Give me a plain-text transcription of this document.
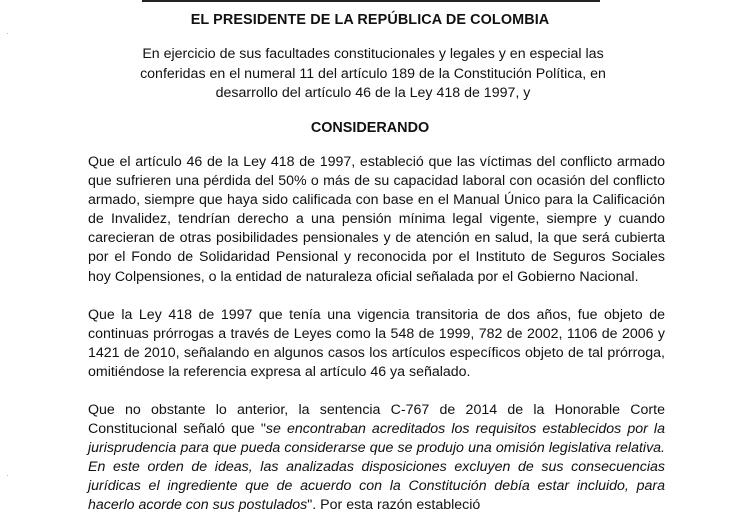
·
·
EL PRESIDENTE DE LA REPÚBLICA DE COLOMBIA
En ejercicio de sus facultades constitucionales y legales y en especial las conferidas en el numeral 11 del artículo 189 de la Constitución Política, en desarrollo del artículo 46 de la Ley 418 de 1997, y
CONSIDERANDO
Que el artículo 46 de la Ley 418 de 1997, estableció que las víctimas del conflicto armado que sufrieren una pérdida del 50% o más de su capacidad laboral con ocasión del conflicto armado, siempre que haya sido calificada con base en el Manual Único para la Calificación de Invalidez, tendrían derecho a una pensión mínima legal vigente, siempre y cuando carecieran de otras posibilidades pensionales y de atención en salud, la que será cubierta por el Fondo de Solidaridad Pensional y reconocida por el Instituto de Seguros Sociales hoy Colpensiones, o la entidad de naturaleza oficial señalada por el Gobierno Nacional.
Que la Ley 418 de 1997 que tenía una vigencia transitoria de dos años, fue objeto de continuas prórrogas a través de Leyes como la 548 de 1999, 782 de 2002, 1106 de 2006 y 1421 de 2010, señalando en algunos casos los artículos específicos objeto de tal prórroga, omitiéndose la referencia expresa al artículo 46 ya señalado.
Que no obstante lo anterior, la sentencia C-767 de 2014 de la Honorable Corte Constitucional señaló que "se encontraban acreditados los requisitos establecidos por la jurisprudencia para que pueda considerarse que se produjo una omisión legislativa relativa. En este orden de ideas, las analizadas disposiciones excluyen de sus consecuencias jurídicas el ingrediente que de acuerdo con la Constitución debía estar incluido, para hacerlo acorde con sus postulados". Por esta razón estableció
